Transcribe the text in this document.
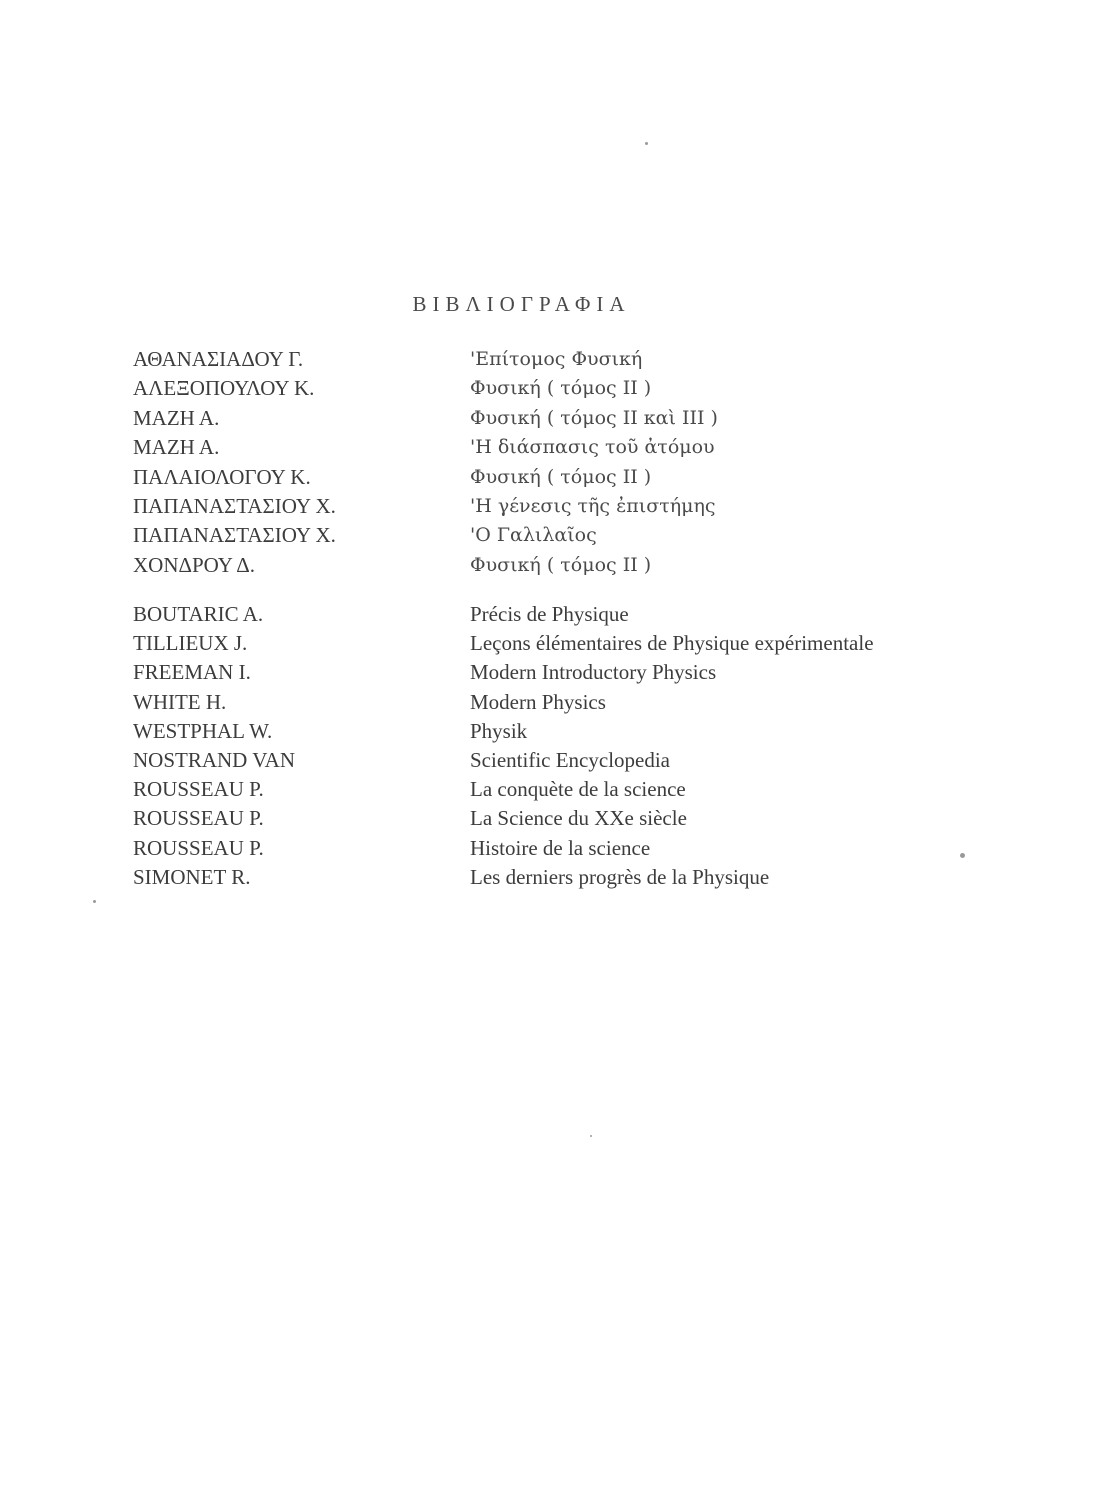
ΒΙΒΛΙΟΓΡΑΦΙΑ
ΑΘΑΝΑΣΙΑΔΟΥ Γ.	'Επίτομος Φυσική
ΑΛΕΞΟΠΟΥΛΟΥ Κ.	Φυσική ( τόμος ΙΙ )
ΜΑΖΗ Α.	Φυσική ( τόμος ΙΙ καὶ ΙΙΙ )
ΜΑΖΗ Α.	'Η διάσπασις τοῦ ἀτόμου
ΠΑΛΑΙΟΛΟΓΟΥ Κ.	Φυσική ( τόμος ΙΙ )
ΠΑΠΑΝΑΣΤΑΣΙΟΥ Χ.	'Η γένεσις τῆς ἐπιστήμης
ΠΑΠΑΝΑΣΤΑΣΙΟΥ Χ.	'Ο Γαλιλαῖος
ΧΟΝΔΡΟΥ Δ.	Φυσική ( τόμος ΙΙ )
BOUTARIC A.	Précis de Physique
TILLIEUX J.	Leçons élémentaires de Physique expérimentale
FREEMAN I.	Modern Introductory Physics
WHITE H.	Modern Physics
WESTPHAL W.	Physik
NOSTRAND VAN	Scientific Encyclopedia
ROUSSEAU P.	La conquète de la science
ROUSSEAU P.	La Science du XXe siècle
ROUSSEAU P.	Histoire de la science
SIMONET R.	Les derniers progrès de la Physique
